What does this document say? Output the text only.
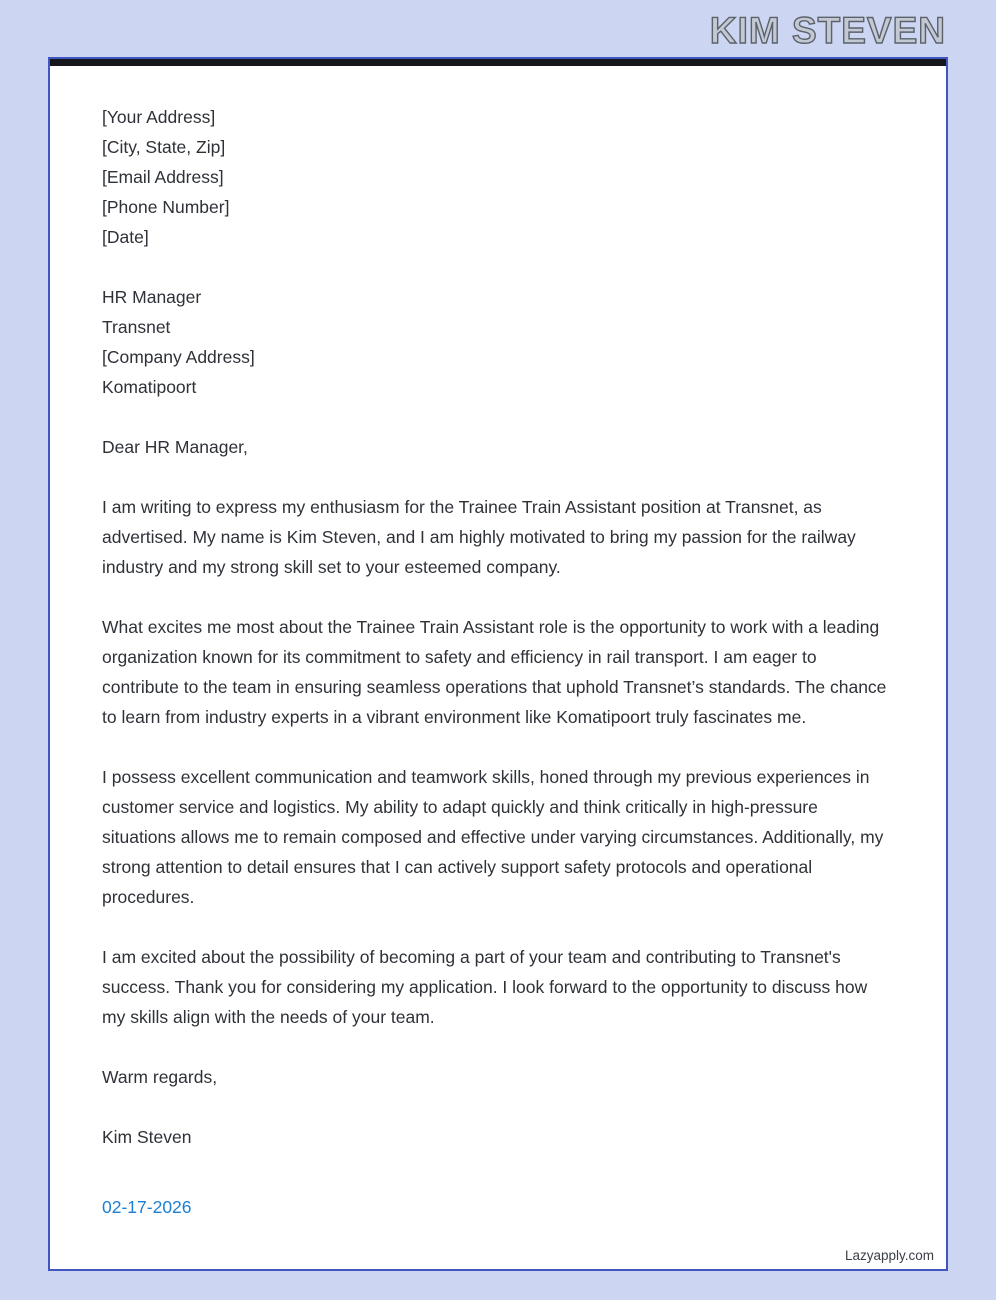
KIM STEVEN
[Your Address]
[City, State, Zip]
[Email Address]
[Phone Number]
[Date]
HR Manager
Transnet
[Company Address]
Komatipoort
Dear HR Manager,

I am writing to express my enthusiasm for the Trainee Train Assistant position at Transnet, as advertised. My name is Kim Steven, and I am highly motivated to bring my passion for the railway industry and my strong skill set to your esteemed company.

What excites me most about the Trainee Train Assistant role is the opportunity to work with a leading organization known for its commitment to safety and efficiency in rail transport. I am eager to contribute to the team in ensuring seamless operations that uphold Transnet’s standards. The chance to learn from industry experts in a vibrant environment like Komatipoort truly fascinates me.

I possess excellent communication and teamwork skills, honed through my previous experiences in customer service and logistics. My ability to adapt quickly and think critically in high-pressure situations allows me to remain composed and effective under varying circumstances. Additionally, my strong attention to detail ensures that I can actively support safety protocols and operational procedures.

I am excited about the possibility of becoming a part of your team and contributing to Transnet's success. Thank you for considering my application. I look forward to the opportunity to discuss how my skills align with the needs of your team.

Warm regards,
Kim Steven
02-17-2026
Lazyapply.com
